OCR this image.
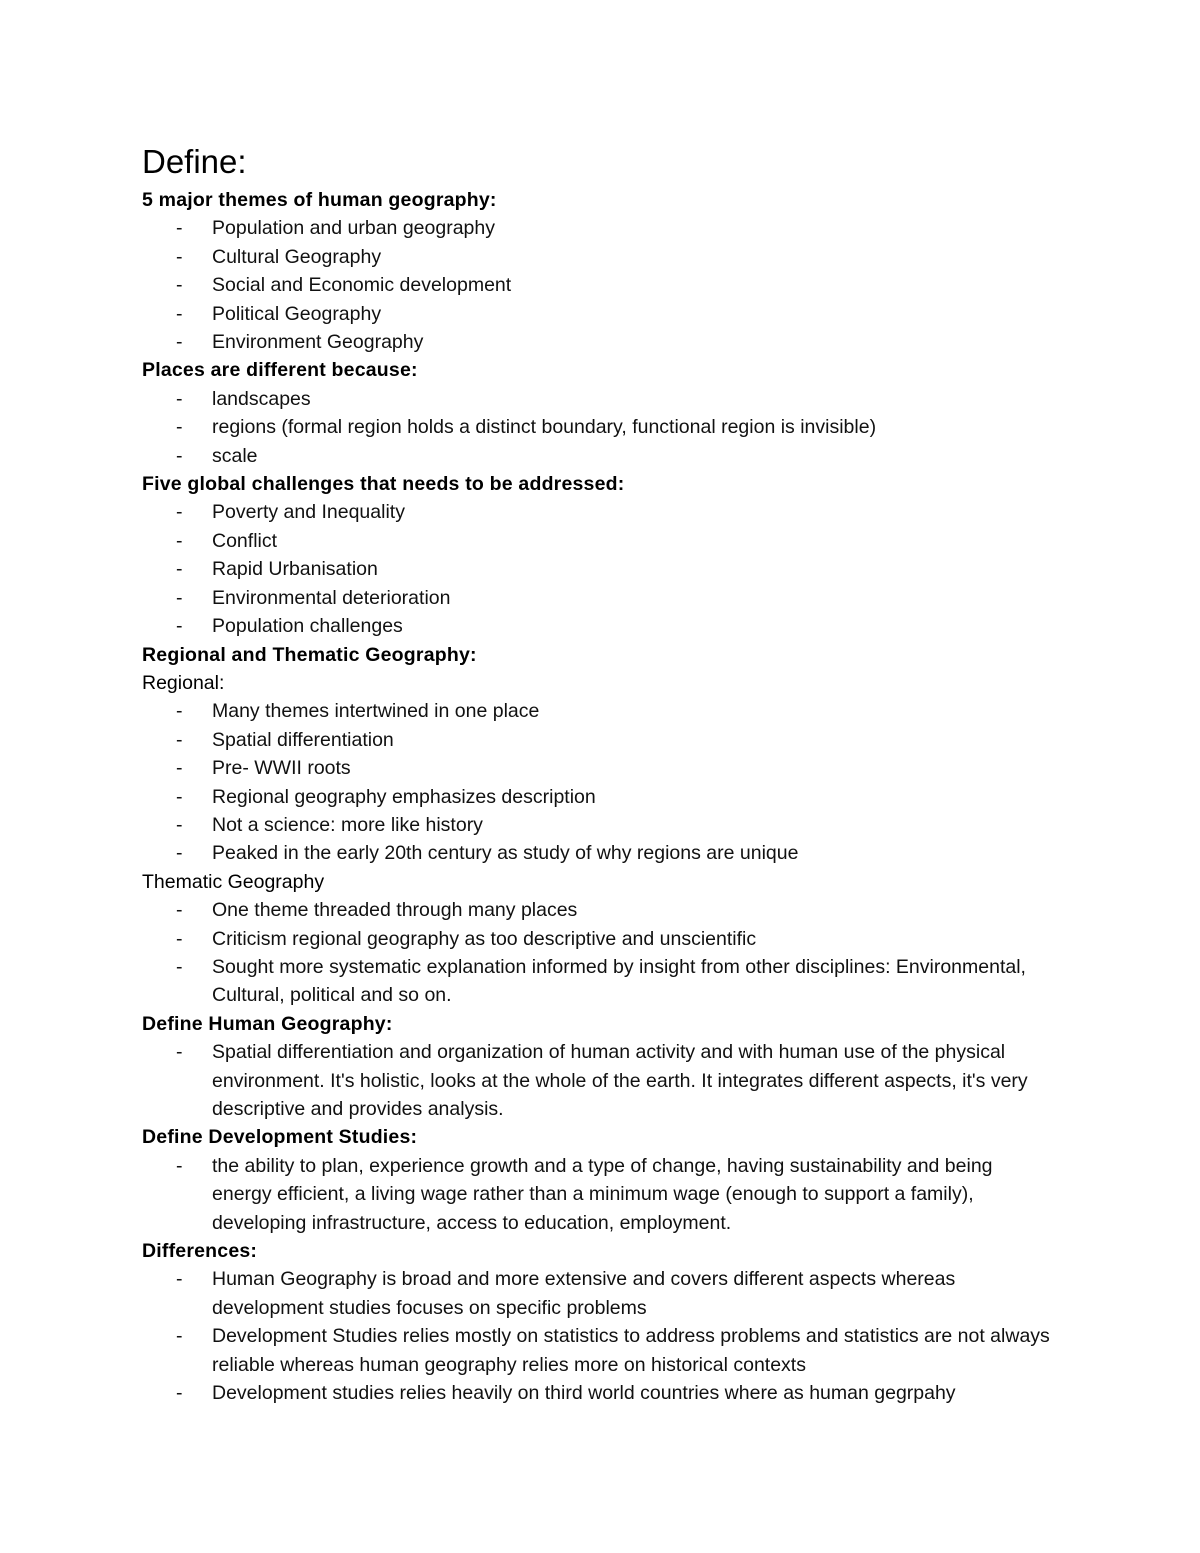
Define:
5 major themes of human geography:
- Population and urban geography
- Cultural Geography
- Social and Economic development
- Political Geography
- Environment Geography
Places are different because:
- landscapes
- regions (formal region holds a distinct boundary, functional region is invisible)
- scale
Five global challenges that needs to be addressed:
- Poverty and Inequality
- Conflict
- Rapid Urbanisation
- Environmental deterioration
- Population challenges
Regional and Thematic Geography:
Regional:
- Many themes intertwined in one place
- Spatial differentiation
- Pre- WWII roots
- Regional geography emphasizes description
- Not a science: more like history
- Peaked in the early 20th century as study of why regions are unique
Thematic Geography
- One theme threaded through many places
- Criticism regional geography as too descriptive and unscientific
- Sought more systematic explanation informed by insight from other disciplines: Environmental, Cultural, political and so on.
Define Human Geography:
- Spatial differentiation and organization of human activity and with human use of the physical environment. It's holistic, looks at the whole of the earth. It integrates different aspects, it's very descriptive and provides analysis.
Define Development Studies:
- the ability to plan, experience growth and a type of change, having sustainability and being energy efficient, a living wage rather than a minimum wage (enough to support a family), developing infrastructure, access to education, employment.
Differences:
- Human Geography is broad and more extensive and covers different aspects whereas development studies focuses on specific problems
- Development Studies relies mostly on statistics to address problems and statistics are not always reliable whereas human geography relies more on historical contexts
- Development studies relies heavily on third world countries where as human gegrpahy
